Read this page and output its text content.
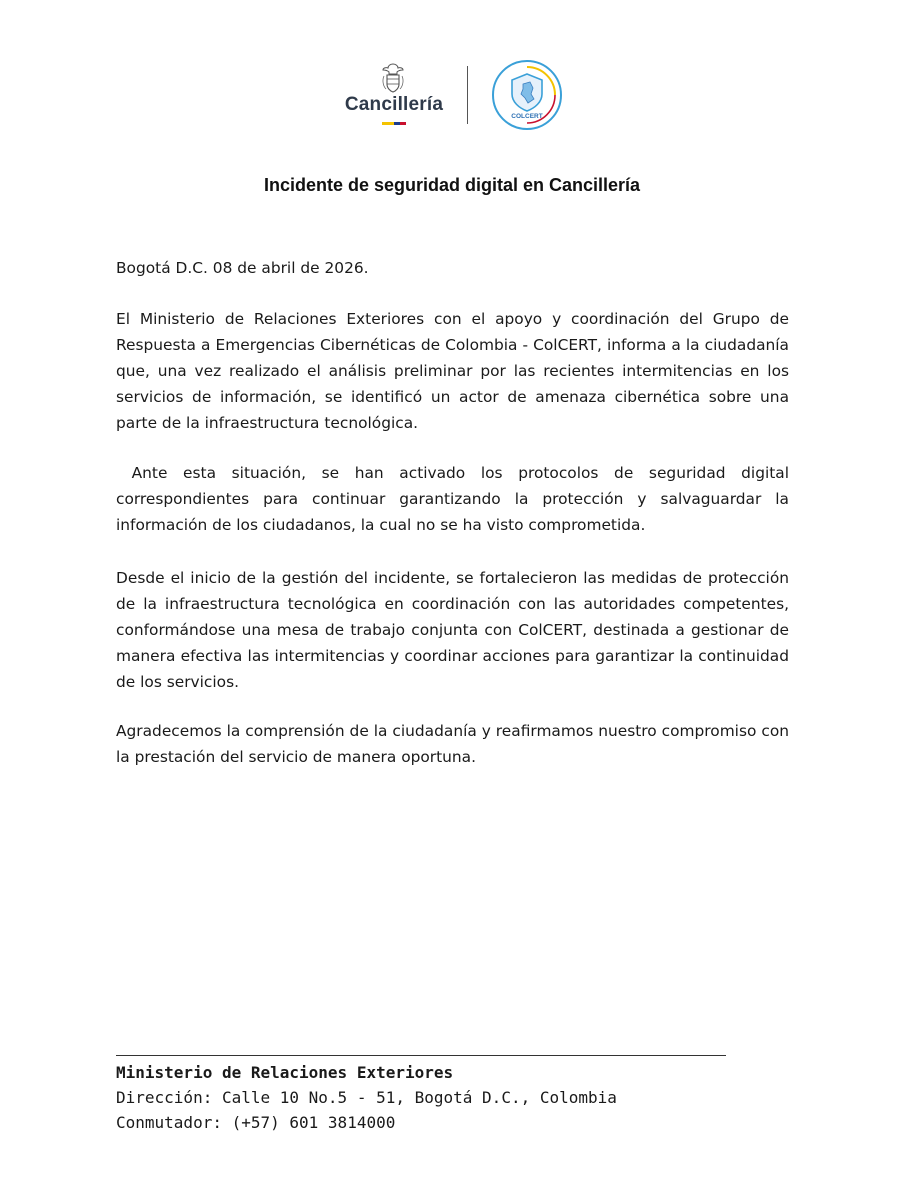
Cancillería
COLCERT
Incidente de seguridad digital en Cancillería

Bogotá D.C. 08 de abril de 2026.

El Ministerio de Relaciones Exteriores con el apoyo y coordinación del Grupo de Respuesta a Emergencias Cibernéticas de Colombia - ColCERT, informa a la ciudadanía que, una vez realizado el análisis preliminar por las recientes intermitencias en los servicios de información, se identificó un actor de amenaza cibernética sobre una parte de la infraestructura tecnológica.

Ante esta situación, se han activado los protocolos de seguridad digital correspondientes para continuar garantizando la protección y salvaguardar la información de los ciudadanos, la cual no se ha visto comprometida.

Desde el inicio de la gestión del incidente, se fortalecieron las medidas de protección de la infraestructura tecnológica en coordinación con las autoridades competentes, conformándose una mesa de trabajo conjunta con ColCERT, destinada a gestionar de manera efectiva las intermitencias y coordinar acciones para garantizar la continuidad de los servicios.

Agradecemos la comprensión de la ciudadanía y reafirmamos nuestro compromiso con la prestación del servicio de manera oportuna.

Ministerio de Relaciones Exteriores
Dirección: Calle 10 No.5 - 51, Bogotá D.C., Colombia
Conmutador: (+57) 601 3814000
